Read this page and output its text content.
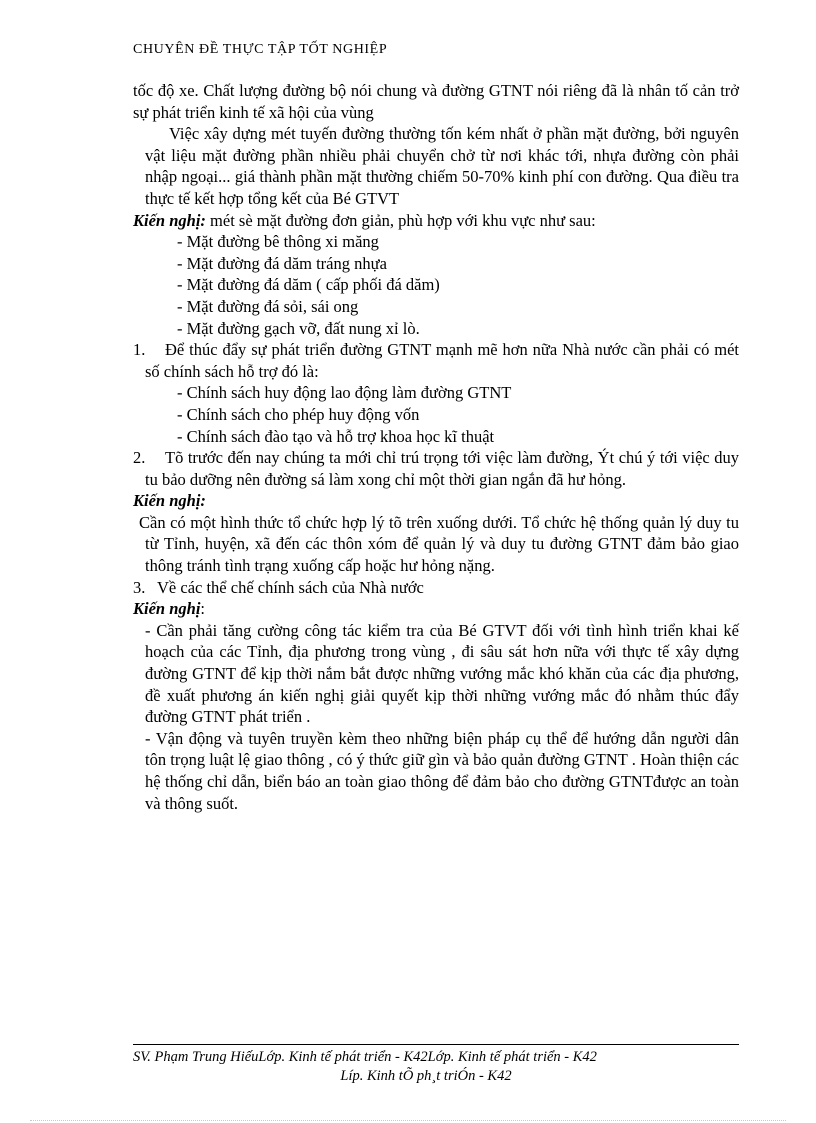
CHUYÊN ĐỀ THỰC TẬP TỐT NGHIỆP

tốc độ xe. Chất lượng đường bộ nói chung và đường GTNT nói riêng đã là nhân tố cản trở sự phát triển kinh tế xã hội của vùng

Việc xây dựng mét tuyến đường thường tốn kém nhất ở phần mặt đường, bởi nguyên vật liệu mặt đường phần nhiều phải chuyển chở từ nơi khác tới, nhựa đường còn phải nhập ngoại... giá thành phần mặt thường chiếm 50-70% kinh phí con đường. Qua điều tra thực tế kết hợp tổng kết của Bé GTVT

Kiến nghị: mét sè mặt đường đơn giản, phù hợp với khu vực như sau:

- Mặt đường bê thông xi măng

- Mặt đường đá dăm tráng nhựa

- Mặt đường đá dăm ( cấp phối đá dăm)

- Mặt đường đá sỏi, sái ong

- Mặt đường gạch vỡ, đất nung xỉ lò.

1. Để thúc đẩy sự phát triển đường GTNT mạnh mẽ hơn nữa Nhà nước cần phải có mét số chính sách hỗ trợ đó là:

- Chính sách huy động lao động làm đường GTNT

- Chính sách cho phép huy động vốn

- Chính sách đào tạo và hỗ trợ khoa học kĩ thuật

2. Tõ trước đến nay chúng ta mới chỉ trú trọng tới việc làm đường, Ýt chú ý tới việc duy tu bảo dưỡng nên đường sá làm xong chỉ một thời gian ngắn đã hư hỏng.

Kiến nghị:

Cần có một hình thức tổ chức hợp lý tõ trên xuống dưới. Tổ chức hệ thống quản lý duy tu từ Tỉnh, huyện, xã đến các thôn xóm để quản lý và duy tu đường GTNT đảm bảo giao thông tránh tình trạng xuống cấp hoặc hư hỏng nặng.

3. Về các thể chế chính sách của Nhà nước

Kiến nghị:

- Cần phải tăng cường công tác kiểm tra của Bé GTVT đối với tình hình triển khai kế hoạch của các Tỉnh, địa phương trong vùng , đi sâu sát hơn nữa với thực tế xây dựng đường GTNT để kịp thời nắm bắt được những vướng mắc khó khăn của các địa phương, đề xuất phương án kiến nghị giải quyết kịp thời những vướng mắc đó nhằm thúc đẩy đường GTNT phát triển .

- Vận động và tuyên truyền kèm theo những biện pháp cụ thể để hướng dẫn người dân tôn trọng luật lệ giao thông , có ý thức giữ gìn và bảo quản đường GTNT . Hoàn thiện các hệ thống chỉ dẫn, biển báo an toàn giao thông để đảm bảo cho đường GTNTđược an toàn và thông suốt.

SV. Phạm Trung HiếuLớp. Kinh tế phát triển - K42Lớp. Kinh tế phát triển - K42
Líp. Kinh tÕ ph¸t triÓn - K42
